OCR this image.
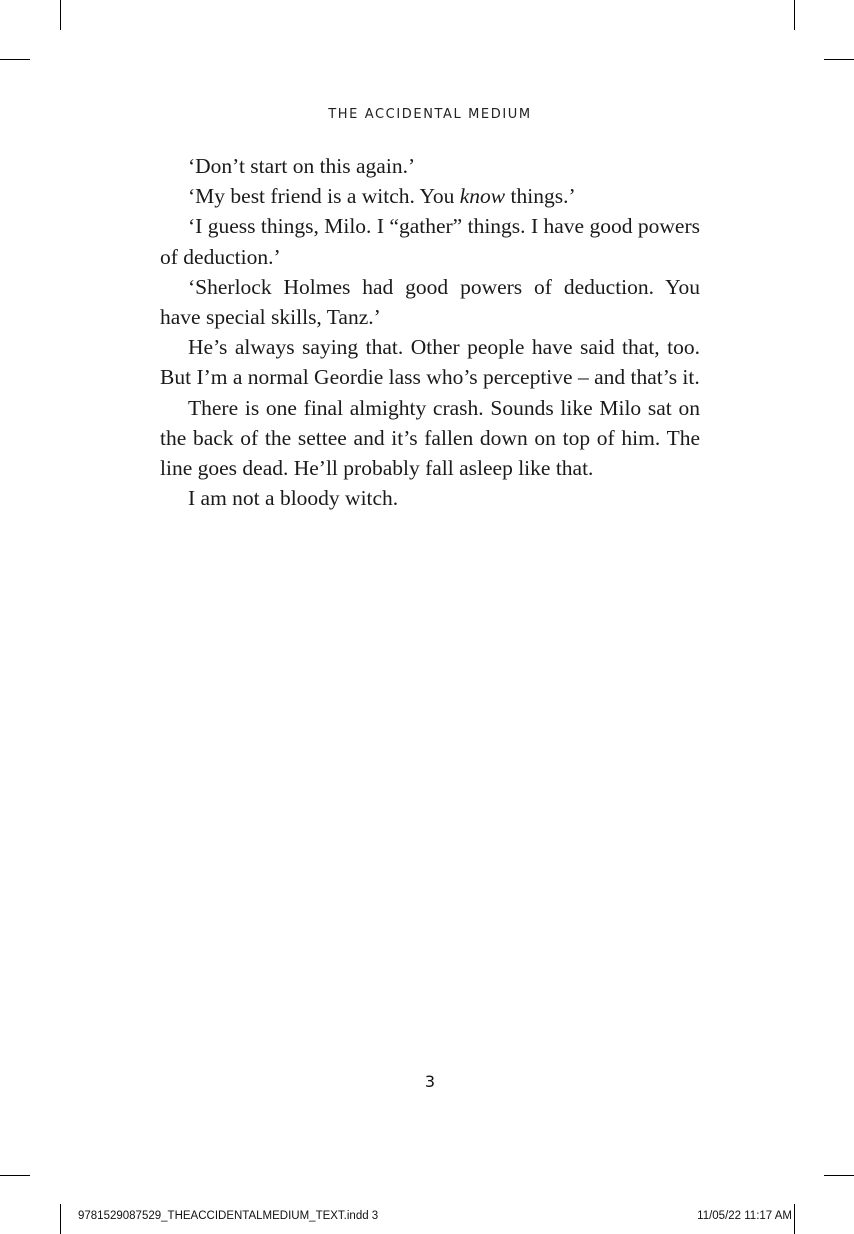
THE ACCIDENTAL MEDIUM

‘Don’t start on this again.’

‘My best friend is a witch. You know things.’

‘I guess things, Milo. I “gather” things. I have good powers of deduction.’

‘Sherlock Holmes had good powers of deduction. You have special skills, Tanz.’

He’s always saying that. Other people have said that, too. But I’m a normal Geordie lass who’s perceptive – and that’s it.

There is one final almighty crash. Sounds like Milo sat on the back of the settee and it’s fallen down on top of him. The line goes dead. He’ll probably fall asleep like that.

I am not a bloody witch.

3
9781529087529_THEACCIDENTALMEDIUM_TEXT.indd 3	11/05/22 11:17 AM
